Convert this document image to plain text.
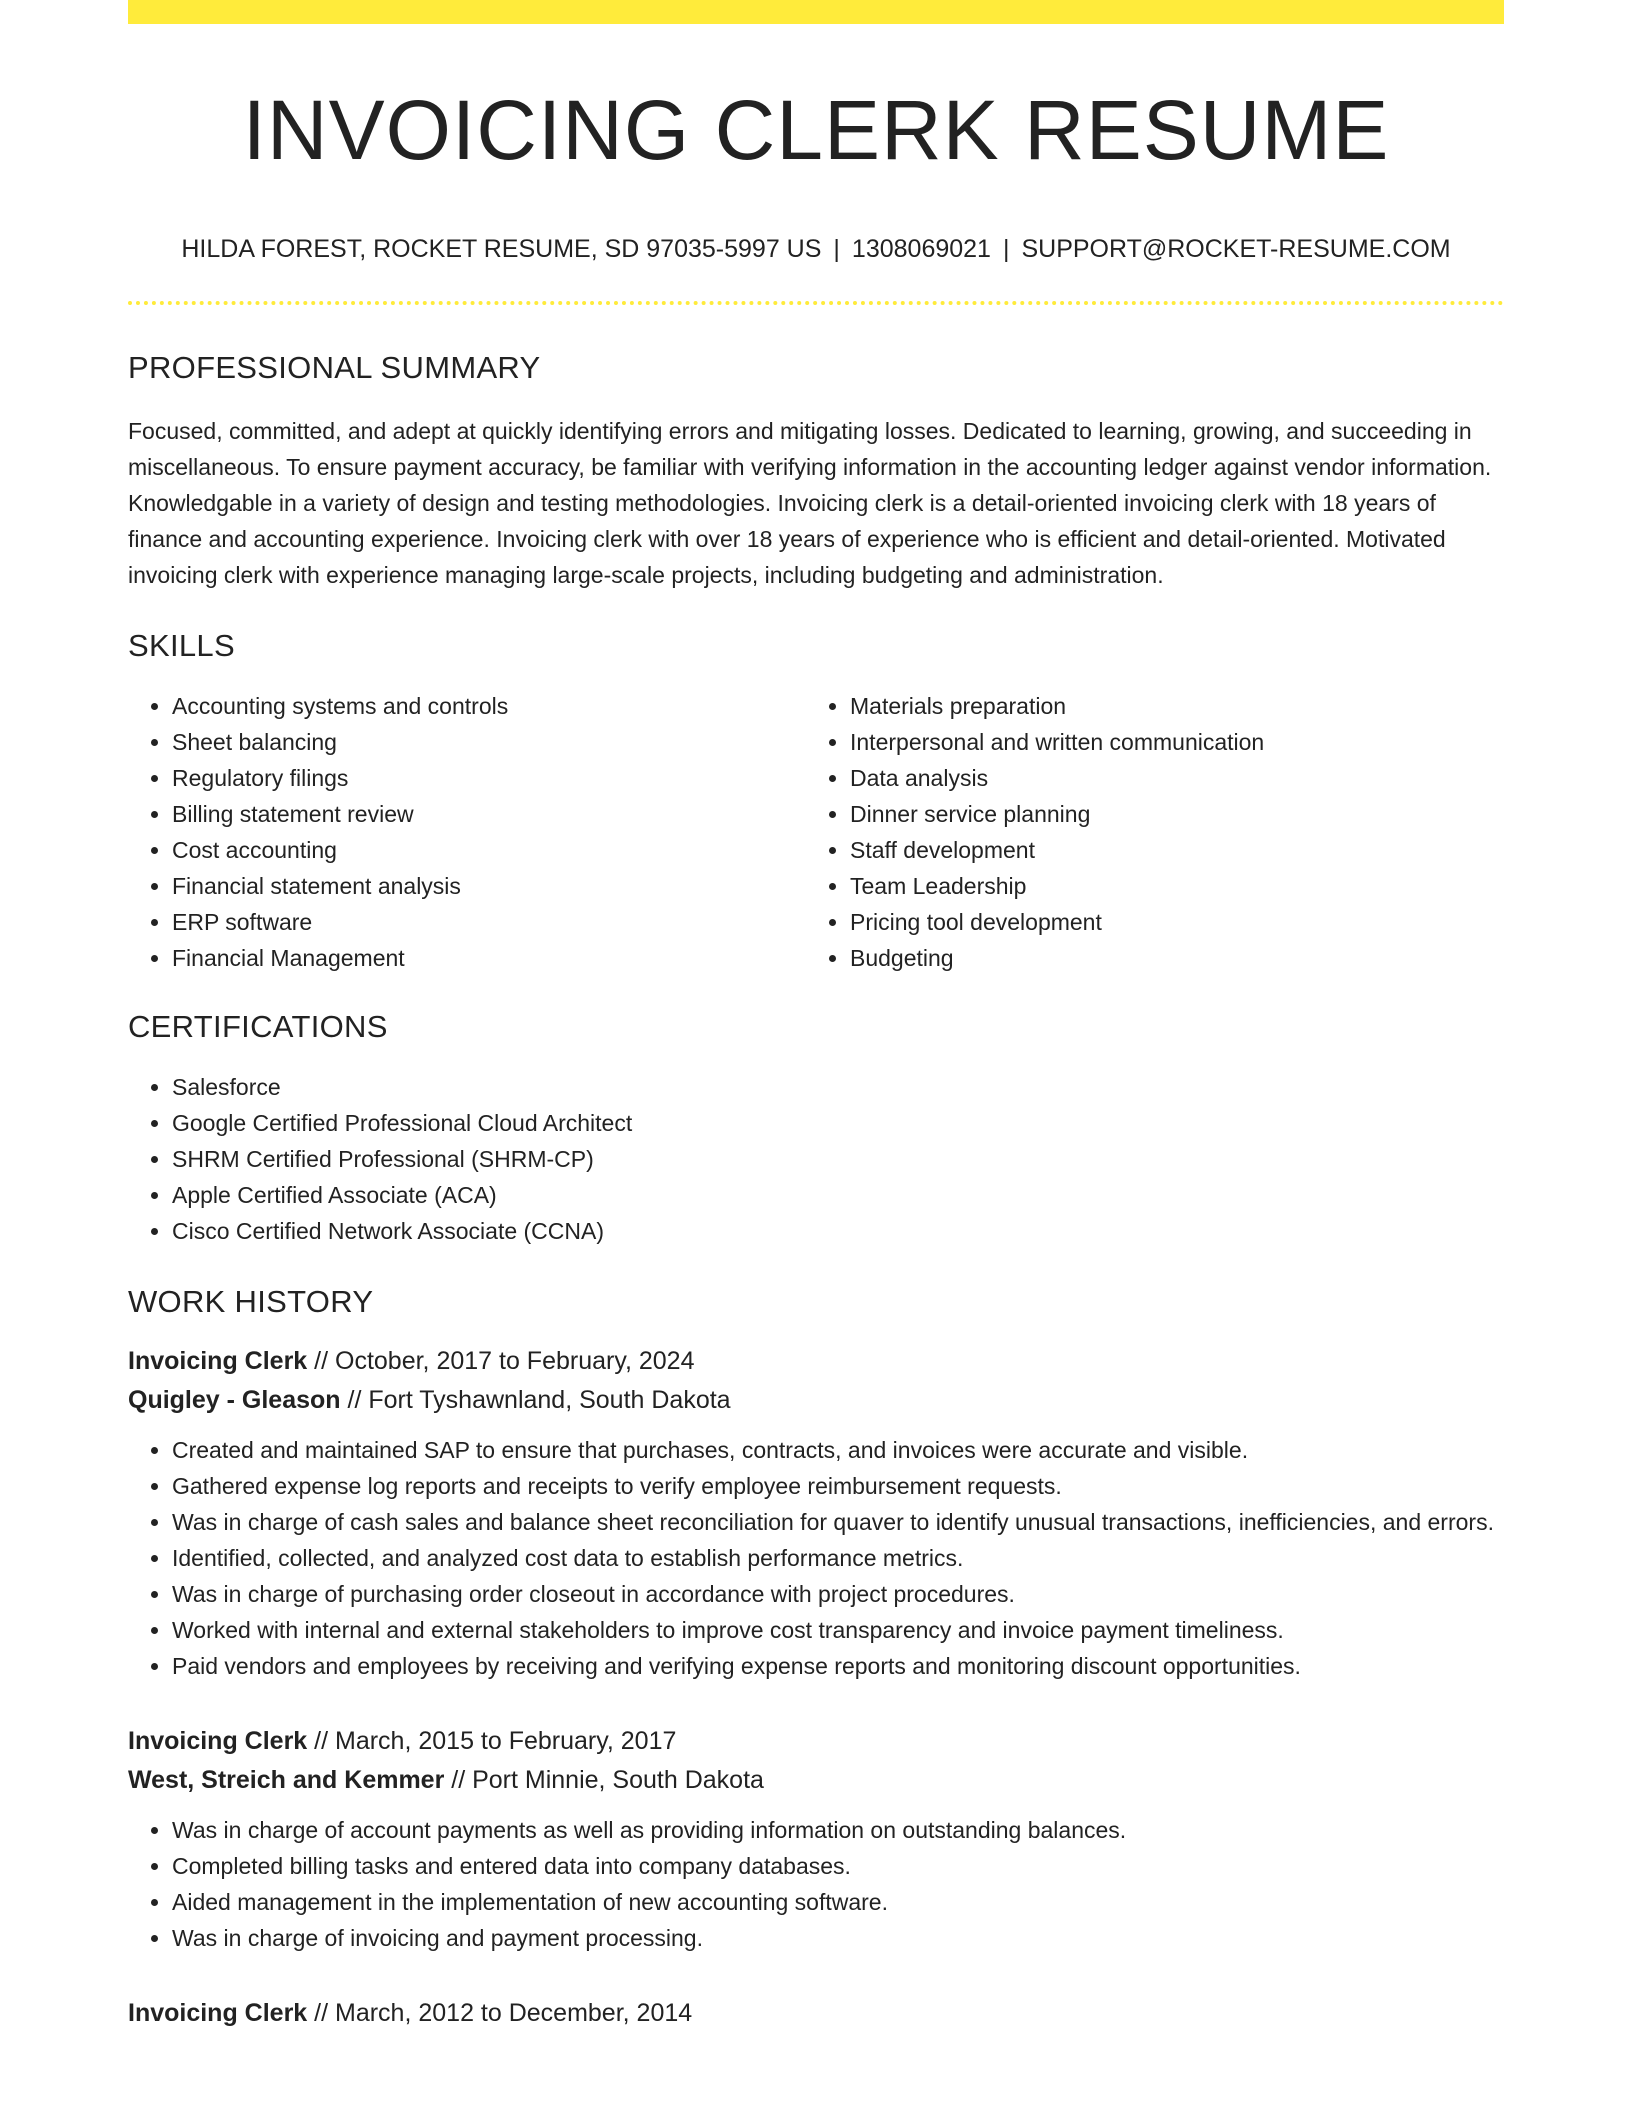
INVOICING CLERK RESUME
HILDA FOREST, ROCKET RESUME, SD 97035-5997 US | 1308069021 | SUPPORT@ROCKET-RESUME.COM
PROFESSIONAL SUMMARY
Focused, committed, and adept at quickly identifying errors and mitigating losses. Dedicated to learning, growing, and succeeding in miscellaneous. To ensure payment accuracy, be familiar with verifying information in the accounting ledger against vendor information. Knowledgable in a variety of design and testing methodologies. Invoicing clerk is a detail-oriented invoicing clerk with 18 years of finance and accounting experience. Invoicing clerk with over 18 years of experience who is efficient and detail-oriented. Motivated invoicing clerk with experience managing large-scale projects, including budgeting and administration.
SKILLS
• Accounting systems and controls
• Sheet balancing
• Regulatory filings
• Billing statement review
• Cost accounting
• Financial statement analysis
• ERP software
• Financial Management
• Materials preparation
• Interpersonal and written communication
• Data analysis
• Dinner service planning
• Staff development
• Team Leadership
• Pricing tool development
• Budgeting
CERTIFICATIONS
• Salesforce
• Google Certified Professional Cloud Architect
• SHRM Certified Professional (SHRM-CP)
• Apple Certified Associate (ACA)
• Cisco Certified Network Associate (CCNA)
WORK HISTORY
Invoicing Clerk // October, 2017 to February, 2024
Quigley - Gleason // Fort Tyshawnland, South Dakota
• Created and maintained SAP to ensure that purchases, contracts, and invoices were accurate and visible.
• Gathered expense log reports and receipts to verify employee reimbursement requests.
• Was in charge of cash sales and balance sheet reconciliation for quaver to identify unusual transactions, inefficiencies, and errors.
• Identified, collected, and analyzed cost data to establish performance metrics.
• Was in charge of purchasing order closeout in accordance with project procedures.
• Worked with internal and external stakeholders to improve cost transparency and invoice payment timeliness.
• Paid vendors and employees by receiving and verifying expense reports and monitoring discount opportunities.
Invoicing Clerk // March, 2015 to February, 2017
West, Streich and Kemmer // Port Minnie, South Dakota
• Was in charge of account payments as well as providing information on outstanding balances.
• Completed billing tasks and entered data into company databases.
• Aided management in the implementation of new accounting software.
• Was in charge of invoicing and payment processing.
Invoicing Clerk // March, 2012 to December, 2014
